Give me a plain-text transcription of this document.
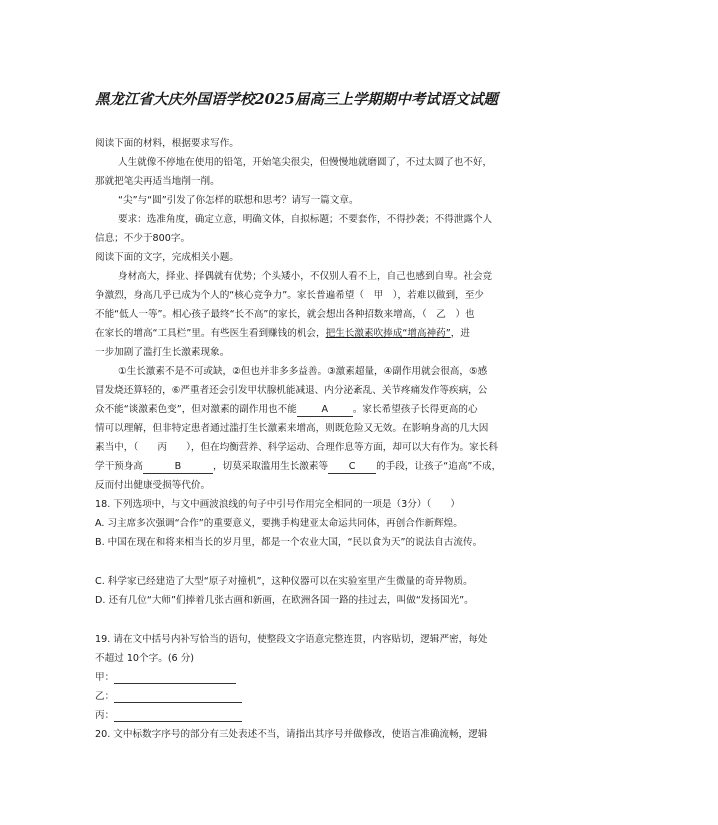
黑龙江省大庆外国语学校2025届高三上学期期中考试语文试题
阅读下面的材料，根据要求写作。
人生就像不停地在使用的铅笔，开始笔尖很尖，但慢慢地就磨圆了，不过太圆了也不好，
那就把笔尖再适当地削一削。
“尖”与“圆”引发了你怎样的联想和思考？请写一篇文章。
要求：选准角度，确定立意，明确文体，自拟标题；不要套作，不得抄袭；不得泄露个人
信息；不少于800字。
阅读下面的文字，完成相关小题。
身材高大，择业、择偶就有优势；个头矮小，不仅别人看不上，自己也感到自卑。社会竞
争激烈，身高几乎已成为个人的“核心竞争力”。家长普遍希望（　甲　），若难以做到，至少
不能“低人一等”。相心孩子最终“长不高”的家长，就会想出各种招数来增高，（　乙　）也
在家长的增高“工具栏”里。有些医生看到赚钱的机会，把生长激素吹捧成“增高神药”，进
一步加剧了滥打生长激素现象。
①生长激素不是不可或缺，②但也并非多多益善。③激素超量，④副作用就会很高，⑤感
冒发烧还算轻的，⑥严重者还会引发甲状腺机能减退、内分泌紊乱、关节疼痛发作等疾病，公
众不能“谈激素色变”，但对激素的副作用也不能	A	。家长希望孩子长得更高的心
情可以理解，但非特定患者通过滥打生长激素来增高，则既危险又无效。在影响身高的几大因
素当中，（　　丙　　），但在均衡营养、科学运动、合理作息等方面，却可以大有作为。家长科
学干预身高	B	，切莫采取滥用生长激素等 C 的手段，让孩子“追高”不成，
反而付出健康受损等代价。
18. 下列选项中，与文中画波浪线的句子中引号作用完全相同的一项是（3分）（　　）
A. 习主席多次强调“合作”的重要意义，要携手构建亚太命运共同体，再创合作新辉煌。
B. 中国在现在和将来相当长的岁月里，都是一个农业大国，“民以食为天”的说法自古流传。
C. 科学家已经建造了大型“原子对撞机”，这种仪器可以在实验室里产生微量的奇异物质。
D. 还有几位“大师”们捧着几张古画和新画，在欧洲各国一路的挂过去，叫做“发扬国光”。
19. 请在文中括号内补写恰当的语句，使整段文字语意完整连贯，内容贴切，逻辑严密，每处
不超过 10个字。(6 分)
甲：
乙：
丙：
20. 文中标数字序号的部分有三处表述不当，请指出其序号并做修改，使语言准确流畅，逻辑
